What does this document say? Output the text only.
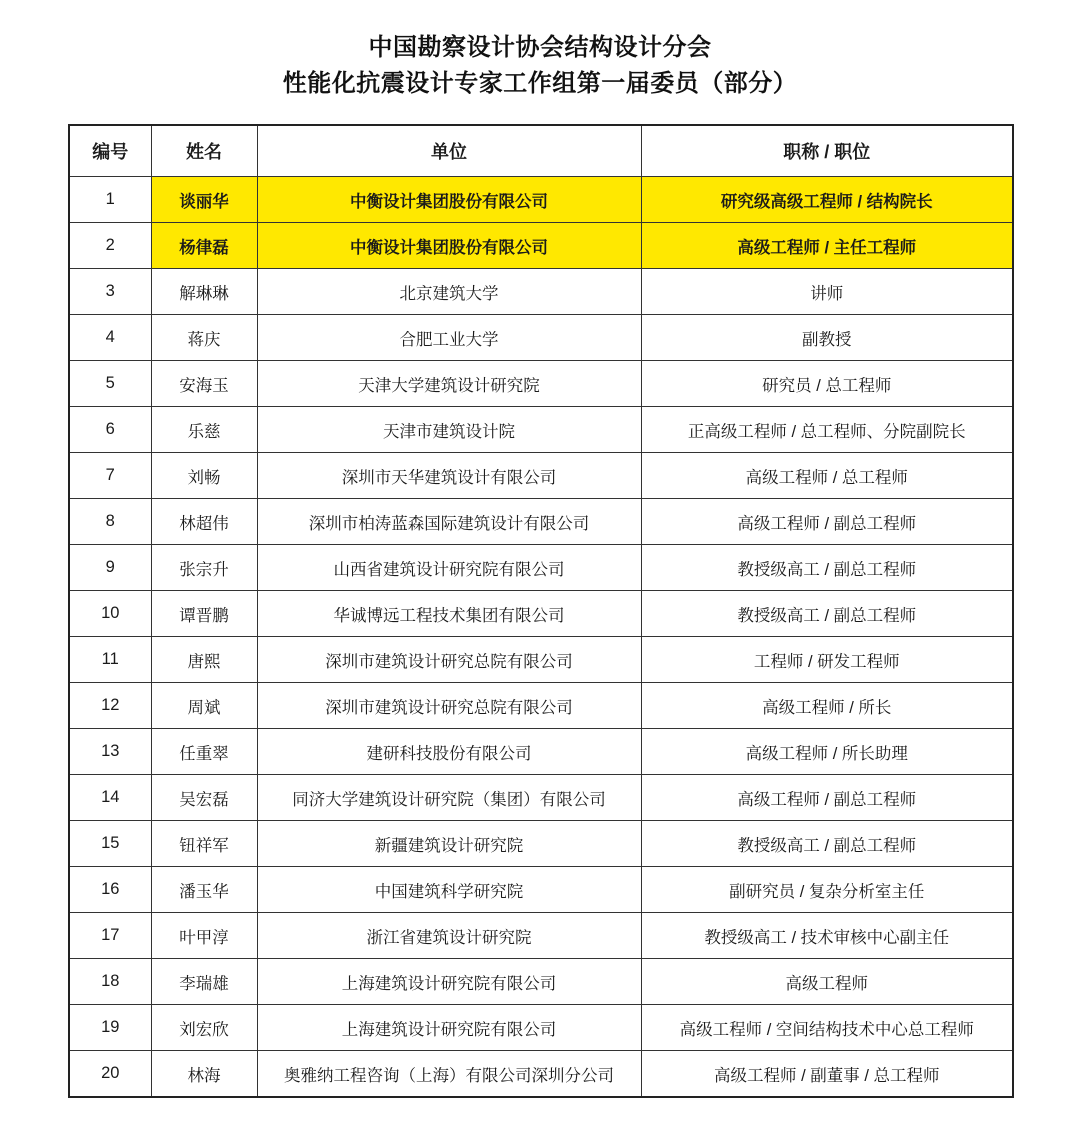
中国勘察设计协会结构设计分会
性能化抗震设计专家工作组第一届委员（部分）
编号	姓名	单位	职称 / 职位
1	谈丽华	中衡设计集团股份有限公司	研究级高级工程师 / 结构院长
2	杨律磊	中衡设计集团股份有限公司	高级工程师 / 主任工程师
3	解琳琳	北京建筑大学	讲师
4	蒋庆	合肥工业大学	副教授
5	安海玉	天津大学建筑设计研究院	研究员 / 总工程师
6	乐慈	天津市建筑设计院	正高级工程师 / 总工程师、分院副院长
7	刘畅	深圳市天华建筑设计有限公司	高级工程师 / 总工程师
8	林超伟	深圳市柏涛蓝森国际建筑设计有限公司	高级工程师 / 副总工程师
9	张宗升	山西省建筑设计研究院有限公司	教授级高工 / 副总工程师
10	谭晋鹏	华诚博远工程技术集团有限公司	教授级高工 / 副总工程师
11	唐熙	深圳市建筑设计研究总院有限公司	工程师 / 研发工程师
12	周斌	深圳市建筑设计研究总院有限公司	高级工程师 / 所长
13	任重翠	建研科技股份有限公司	高级工程师 / 所长助理
14	吴宏磊	同济大学建筑设计研究院（集团）有限公司	高级工程师 / 副总工程师
15	钮祥军	新疆建筑设计研究院	教授级高工 / 副总工程师
16	潘玉华	中国建筑科学研究院	副研究员 / 复杂分析室主任
17	叶甲淳	浙江省建筑设计研究院	教授级高工 / 技术审核中心副主任
18	李瑞雄	上海建筑设计研究院有限公司	高级工程师
19	刘宏欣	上海建筑设计研究院有限公司	高级工程师 / 空间结构技术中心总工程师
20	林海	奥雅纳工程咨询（上海）有限公司深圳分公司	高级工程师 / 副董事 / 总工程师
